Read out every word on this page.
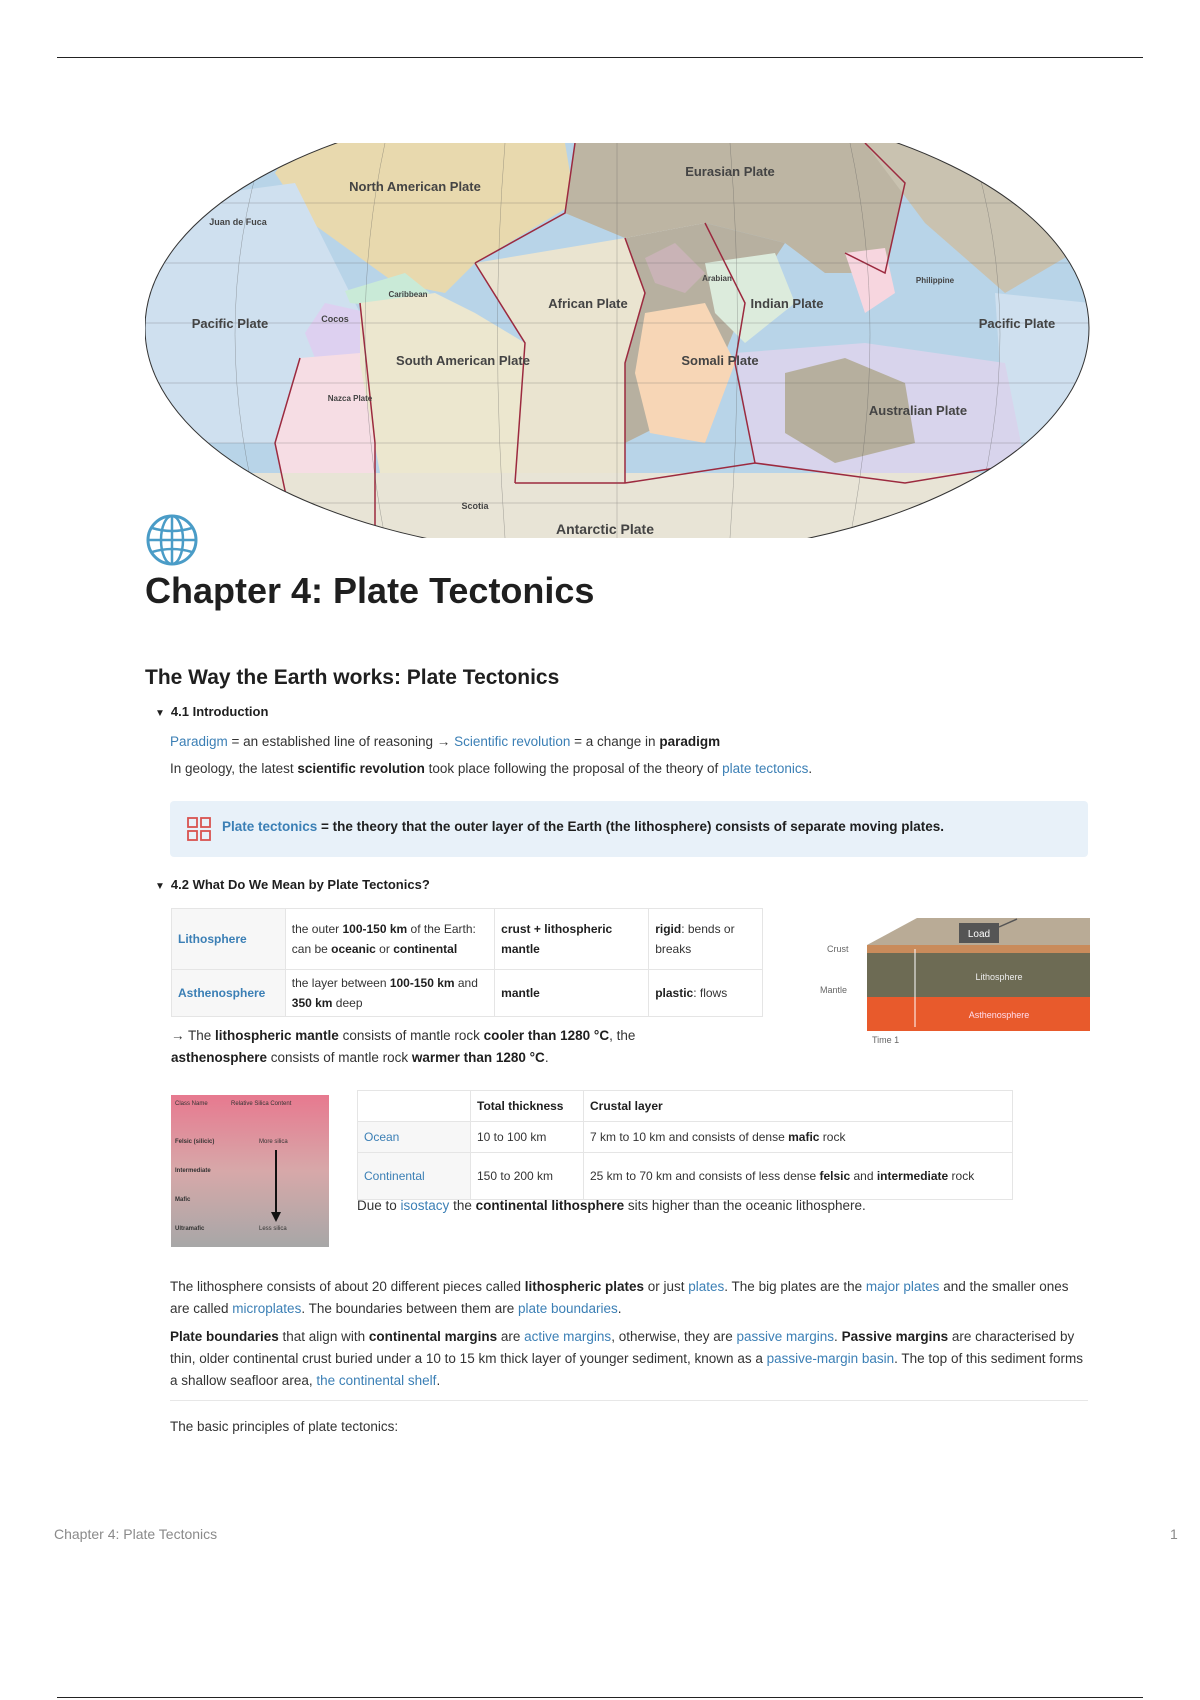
North American Plate
Eurasian Plate
Juan de Fuca
Caribbean
Cocos
Pacific Plate	Pacific Plate
South American Plate
African Plate
Arabian
Indian Plate
Philippine
Somali Plate
Nazca Plate
Australian Plate
Scotia
Antarctic Plate
Chapter 4: Plate Tectonics
The Way the Earth works: Plate Tectonics
▼ 4.1 Introduction
Paradigm = an established line of reasoning → Scientific revolution = a change in paradigm
In geology, the latest scientific revolution took place following the proposal of the theory of plate tectonics.
Plate tectonics = the theory that the outer layer of the Earth (the lithosphere) consists of separate moving plates.
▼ 4.2 What Do We Mean by Plate Tectonics?
Lithosphere	the outer 100-150 km of the Earth: can be oceanic or continental	crust + lithospheric mantle	rigid: bends or breaks
Asthenosphere	the layer between 100-150 km and 350 km deep	mantle	plastic: flows
→ The lithospheric mantle consists of mantle rock cooler than 1280 °C, the asthenosphere consists of mantle rock warmer than 1280 °C.
Load
Lithosphere
Asthenosphere
Crust
Mantle
Time 1
Class Name	Relative Silica Content
Felsic (silicic)	More silica
Intermediate
Mafic
Ultramafic	Less silica
	Total thickness	Crustal layer
Ocean	10 to 100 km	7 km to 10 km and consists of dense mafic rock
Continental	150 to 200 km	25 km to 70 km and consists of less dense felsic and intermediate rock
Due to isostacy the continental lithosphere sits higher than the oceanic lithosphere.
The lithosphere consists of about 20 different pieces called lithospheric plates or just plates. The big plates are the major plates and the smaller ones are called microplates. The boundaries between them are plate boundaries.
Plate boundaries that align with continental margins are active margins, otherwise, they are passive margins. Passive margins are characterised by thin, older continental crust buried under a 10 to 15 km thick layer of younger sediment, known as a passive-margin basin. The top of this sediment forms a shallow seafloor area, the continental shelf.
The basic principles of plate tectonics:
Chapter 4: Plate Tectonics	1
